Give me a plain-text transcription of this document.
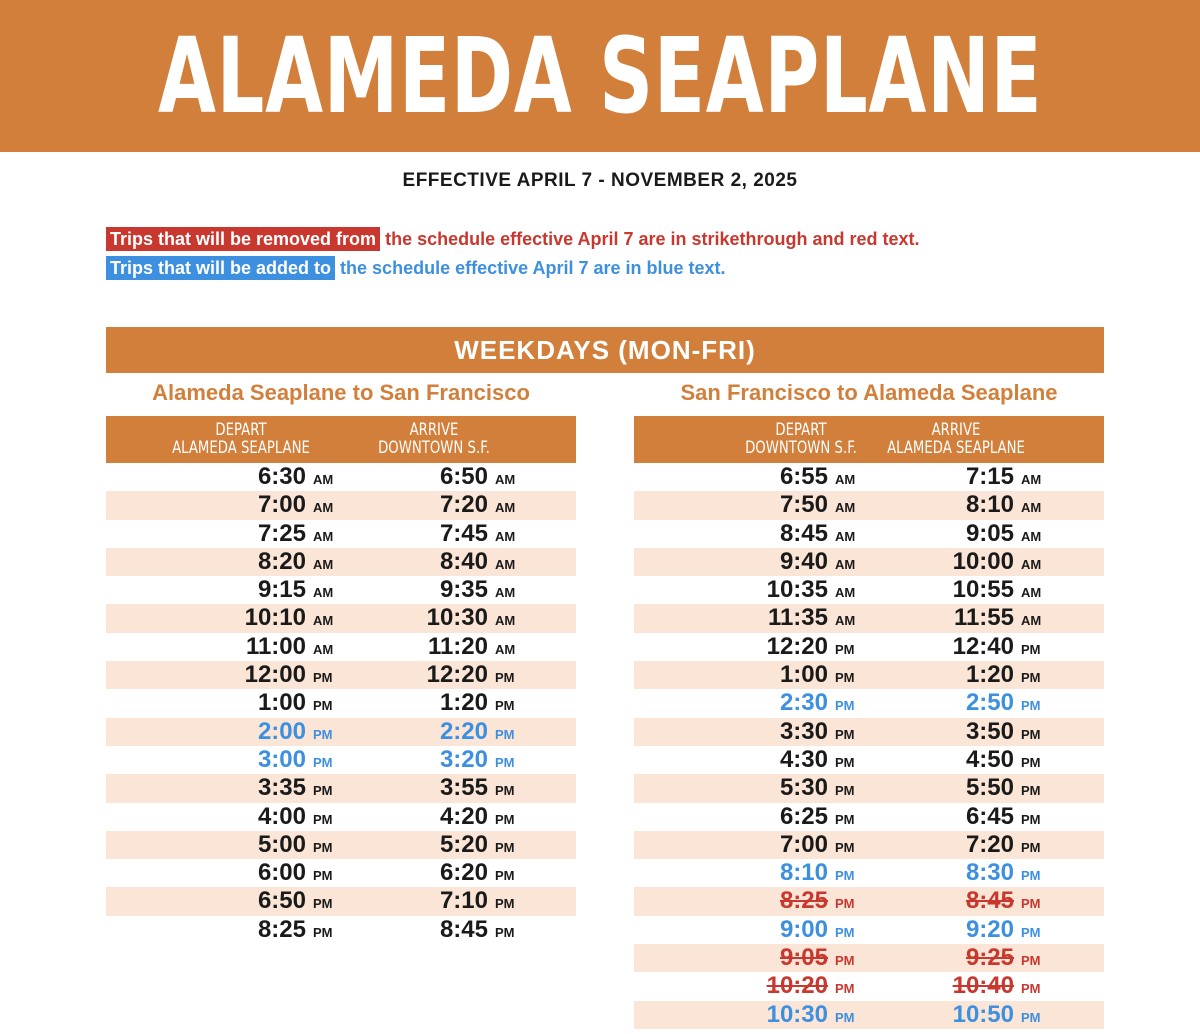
ALAMEDA SEAPLANE
EFFECTIVE APRIL 7 - NOVEMBER 2, 2025
Trips that will be removed from the schedule effective April 7 are in strikethrough and red text.
Trips that will be added to the schedule effective April 7 are in blue text.
WEEKDAYS (MON-FRI)
Alameda Seaplane to San Francisco	San Francisco to Alameda Seaplane
DEPART
ALAMEDA SEAPLANE
ARRIVE
DOWNTOWN S.F.
6:30 AM	6:50 AM
7:00 AM	7:20 AM
7:25 AM	7:45 AM
8:20 AM	8:40 AM
9:15 AM	9:35 AM
10:10 AM	10:30 AM
11:00 AM	11:20 AM
12:00 PM	12:20 PM
1:00 PM	1:20 PM
2:00 PM	2:20 PM
3:00 PM	3:20 PM
3:35 PM	3:55 PM
4:00 PM	4:20 PM
5:00 PM	5:20 PM
6:00 PM	6:20 PM
6:50 PM	7:10 PM
8:25 PM	8:45 PM
DEPART
DOWNTOWN S.F.
ARRIVE
ALAMEDA SEAPLANE
6:55 AM	7:15 AM
7:50 AM	8:10 AM
8:45 AM	9:05 AM
9:40 AM	10:00 AM
10:35 AM	10:55 AM
11:35 AM	11:55 AM
12:20 PM	12:40 PM
1:00 PM	1:20 PM
2:30 PM	2:50 PM
3:30 PM	3:50 PM
4:30 PM	4:50 PM
5:30 PM	5:50 PM
6:25 PM	6:45 PM
7:00 PM	7:20 PM
8:10 PM	8:30 PM
8:25 PM	8:45 PM
9:00 PM	9:20 PM
9:05 PM	9:25 PM
10:20 PM	10:40 PM
10:30 PM	10:50 PM
